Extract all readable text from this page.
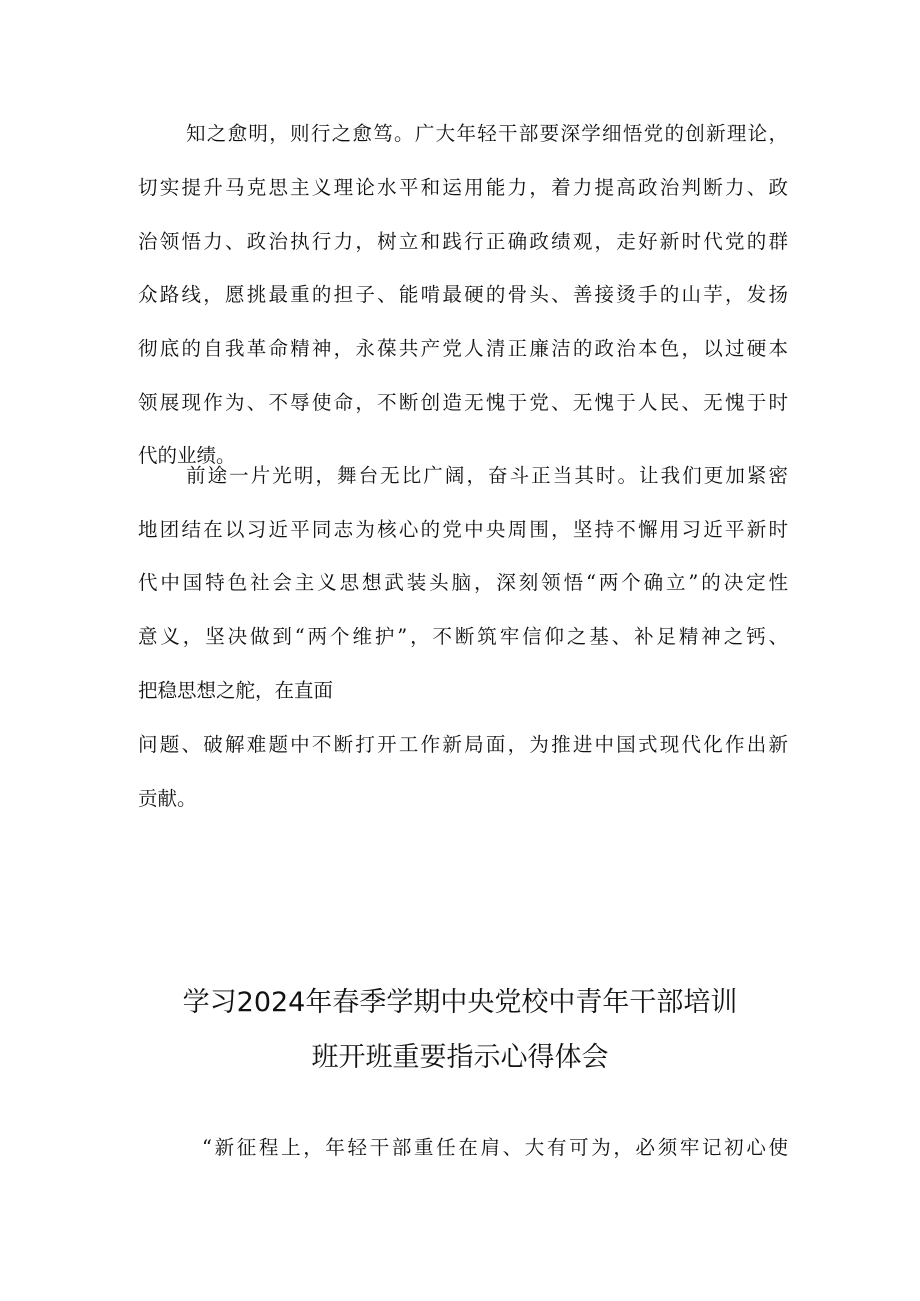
知之愈明，则行之愈笃。广大年轻干部要深学细悟党的创新理论，
切实提升马克思主义理论水平和运用能力，着力提高政治判断力、政
治领悟力、政治执行力，树立和践行正确政绩观，走好新时代党的群
众路线，愿挑最重的担子、能啃最硬的骨头、善接烫手的山芋，发扬
彻底的自我革命精神，永葆共产党人清正廉洁的政治本色，以过硬本
领展现作为、不辱使命，不断创造无愧于党、无愧于人民、无愧于时
代的业绩。
前途一片光明，舞台无比广阔，奋斗正当其时。让我们更加紧密
地团结在以习近平同志为核心的党中央周围，坚持不懈用习近平新时
代中国特色社会主义思想武装头脑，深刻领悟“两个确立”的决定性
意义，坚决做到“两个维护”，不断筑牢信仰之基、补足精神之钙、
把稳思想之舵，在直面
问题、破解难题中不断打开工作新局面，为推进中国式现代化作出新
贡献。
学习2024年春季学期中央党校中青年干部培训
班开班重要指示心得体会
“新征程上，年轻干部重任在肩、大有可为，必须牢记初心使
